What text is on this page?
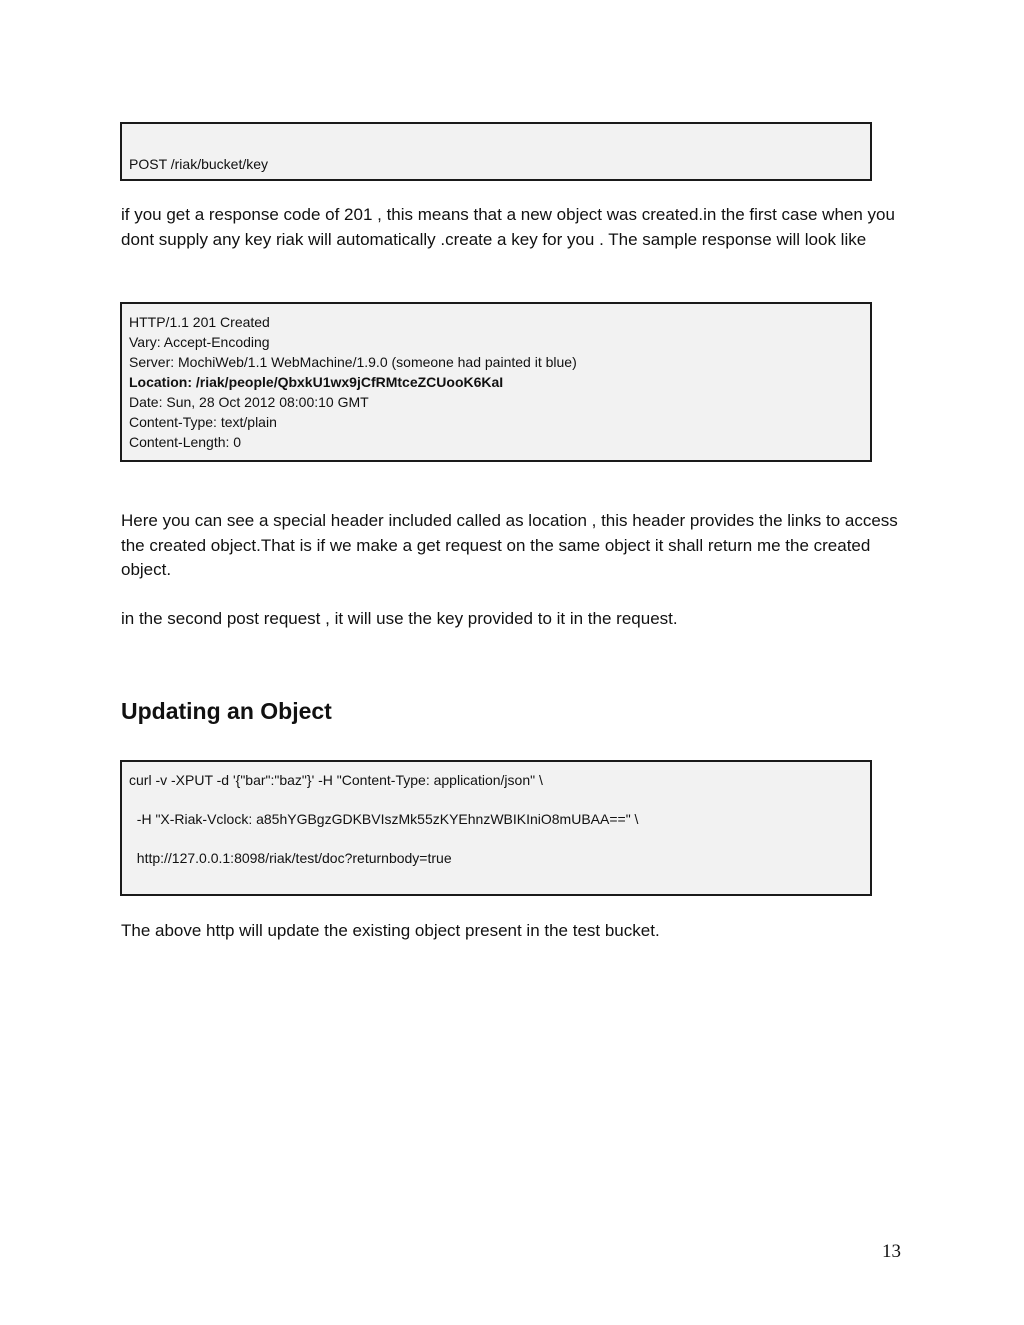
POST /riak/bucket/key
if you get a response code of 201 , this means that a new object was created.in the first case when you dont supply any key riak will automatically .create a key for you . The sample response will look like
HTTP/1.1 201 Created
Vary: Accept-Encoding
Server: MochiWeb/1.1 WebMachine/1.9.0 (someone had painted it blue)
Location: /riak/people/QbxkU1wx9jCfRMtceZCUooK6KaI
Date: Sun, 28 Oct 2012 08:00:10 GMT
Content-Type: text/plain
Content-Length: 0
Here you can see a special header included called as location , this header provides the links to access the created object.That is if we make a get request on the same object it shall return me the created object.
in the second post request , it will use the key provided to it in the request.
Updating an Object
curl -v -XPUT -d '{"bar":"baz"}' -H "Content-Type: application/json" \
-H "X-Riak-Vclock: a85hYGBgzGDKBVIszMk55zKYEhnzWBIKIniO8mUBAA==" \
http://127.0.0.1:8098/riak/test/doc?returnbody=true
The above http will update the existing object present in the test bucket.
13
